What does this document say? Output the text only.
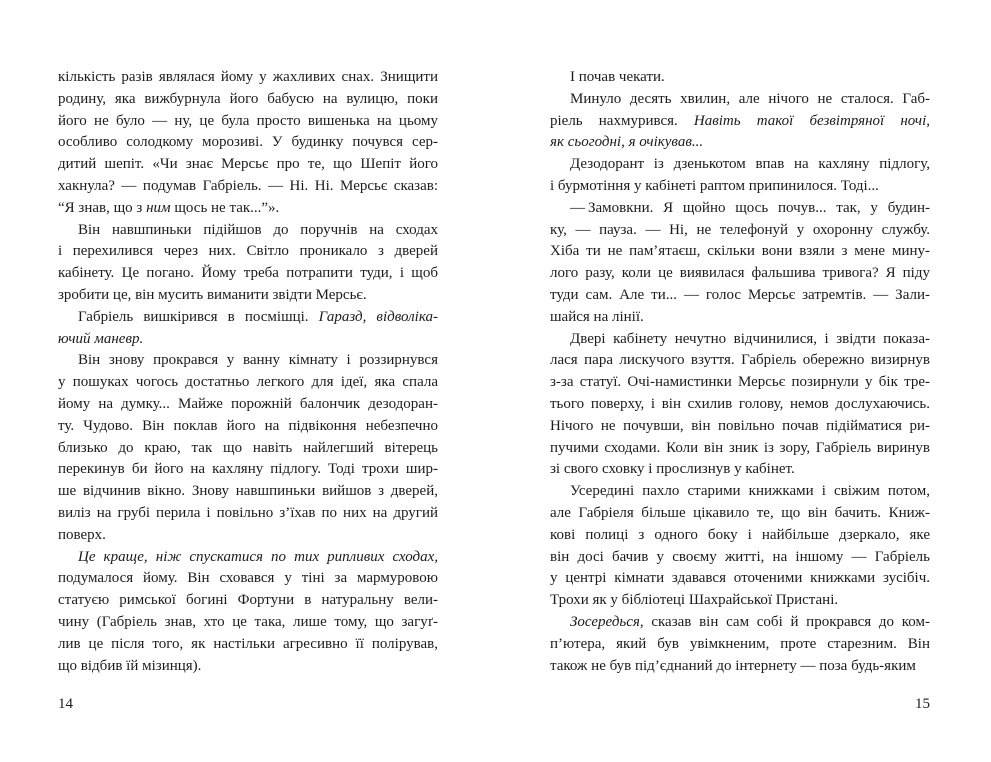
кількість разів являлася йому у жахливих снах. Знищити
родину, яка вижбурнула його бабусю на вулицю, поки
його не було — ну, це була просто вишенька на цьому
особливо солодкому морозиві. У будинку почувся сер-
дитий шепіт. «Чи знає Мерсьє про те, що Шепіт його
хакнула? — подумав Габріель. — Ні. Ні. Мерсьє сказав:
“Я знав, що з ним щось не так...”».
Він навшпиньки підійшов до поручнів на сходах
і перехилився через них. Світло проникало з дверей
кабінету. Це погано. Йому треба потрапити туди, і щоб
зробити це, він мусить виманити звідти Мерсьє.
Габріель вишкірився в посмішці. Гаразд, відволіка-
ючий маневр.
Він знову прокрався у ванну кімнату і роззирнувся
у пошуках чогось достатньо легкого для ідеї, яка спала
йому на думку... Майже порожній балончик дезодоран-
ту. Чудово. Він поклав його на підвіконня небезпечно
близько до краю, так що навіть найлегший вітерець
перекинув би його на кахляну підлогу. Тоді трохи шир-
ше відчинив вікно. Знову навшпиньки вийшов з дверей,
виліз на грубі перила і повільно з’їхав по них на другий
поверх.
Це краще, ніж спускатися по тих рипливих сходах,
подумалося йому. Він сховався у тіні за мармуровою
статуєю римської богині Фортуни в натуральну вели-
чину (Габріель знав, хто це така, лише тому, що загуґ-
лив це після того, як настільки агресивно її полірував,
що відбив їй мізинця).
І почав чекати.
Минуло десять хвилин, але нічого не сталося. Габ-
ріель нахмурився. Навіть такої безвітряної ночі,
як сьогодні, я очікував...
Дезодорант із дзенькотом впав на кахляну підлогу,
і бурмотіння у кабінеті раптом припинилося. Тоді...
— Замовкни. Я щойно щось почув... так, у будин-
ку, — пауза. — Ні, не телефонуй у охоронну службу.
Хіба ти не пам’ятаєш, скільки вони взяли з мене мину-
лого разу, коли це виявилася фальшива тривога? Я піду
туди сам. Але ти... — голос Мерсьє затремтів. — Зали-
шайся на лінії.
Двері кабінету нечутно відчинилися, і звідти показа-
лася пара лискучого взуття. Габріель обережно визирнув
з-за статуї. Очі-намистинки Мерсьє позирнули у бік тре-
тього поверху, і він схилив голову, немов дослухаючись.
Нічого не почувши, він повільно почав підійматися ри-
пучими сходами. Коли він зник із зору, Габріель виринув
зі свого сховку і прослизнув у кабінет.
Усередині пахло старими книжками і свіжим потом,
але Габріеля більше цікавило те, що він бачить. Книж-
кові полиці з одного боку і найбільше дзеркало, яке
він досі бачив у своєму житті, на іншому — Габріель
у центрі кімнати здавався оточеними книжками зусібіч.
Трохи як у бібліотеці Шахрайської Пристані.
Зосередься, сказав він сам собі й прокрався до ком-
п’ютера, який був увімкненим, проте старезним. Він
також не був під’єднаний до інтернету — поза будь-яким
14	15
